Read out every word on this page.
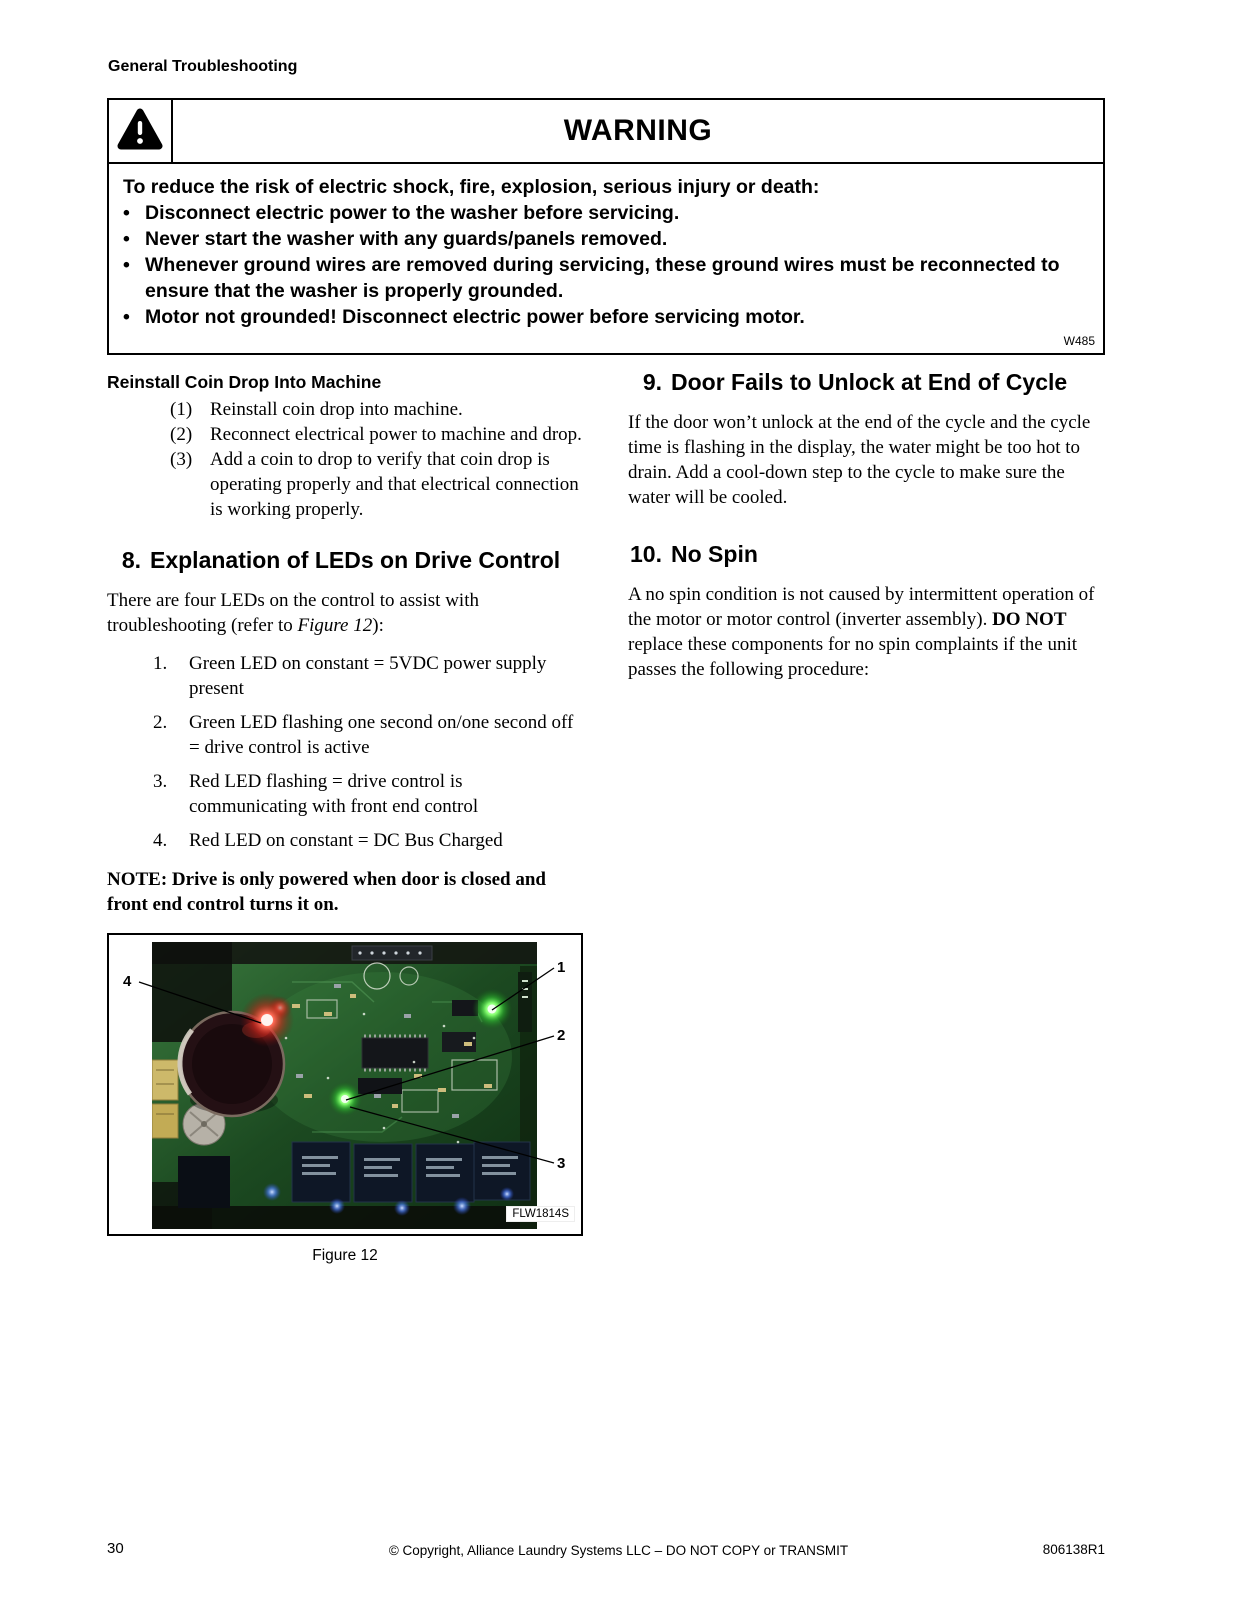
General Troubleshooting
WARNING
To reduce the risk of electric shock, fire, explosion, serious injury or death:
• Disconnect electric power to the washer before servicing.
• Never start the washer with any guards/panels removed.
• Whenever ground wires are removed during servicing, these ground wires must be reconnected to ensure that the washer is properly grounded.
• Motor not grounded! Disconnect electric power before servicing motor.
W485
Reinstall Coin Drop Into Machine
(1) Reinstall coin drop into machine.
(2) Reconnect electrical power to machine and drop.
(3) Add a coin to drop to verify that coin drop is operating properly and that electrical connection is working properly.
8. Explanation of LEDs on Drive Control

There are four LEDs on the control to assist with troubleshooting (refer to Figure 12):

1.	Green LED on constant = 5VDC power supply present
2.	Green LED flashing one second on/one second off = drive control is active
3.	Red LED flashing = drive control is communicating with front end control
4.	Red LED on constant = DC Bus Charged

NOTE: Drive is only powered when door is closed and front end control turns it on.

1
2
3
4
FLW1814S
Figure 12
9. Door Fails to Unlock at End of Cycle

If the door won’t unlock at the end of the cycle and the cycle time is flashing in the display, the water might be too hot to drain. Add a cool-down step to the cycle to make sure the water will be cooled.

10. No Spin

A no spin condition is not caused by intermittent operation of the motor or motor control (inverter assembly). DO NOT replace these components for no spin complaints if the unit passes the following procedure:

30	© Copyright, Alliance Laundry Systems LLC – DO NOT COPY or TRANSMIT	806138R1
